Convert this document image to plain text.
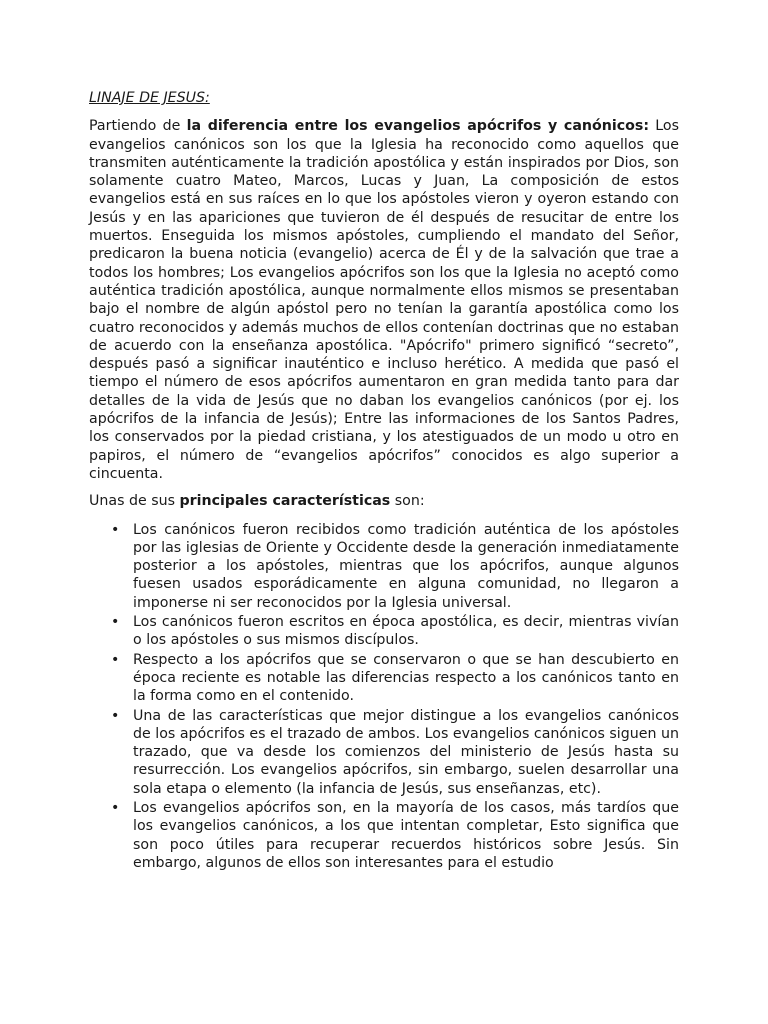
LINAJE DE JESUS:

Partiendo de la diferencia entre los evangelios apócrifos y canónicos: Los evangelios canónicos son los que la Iglesia ha reconocido como aquellos que transmiten auténticamente la tradición apostólica y están inspirados por Dios, son solamente cuatro Mateo, Marcos, Lucas y Juan, La composición de estos evangelios está en sus raíces en lo que los apóstoles vieron y oyeron estando con Jesús y en las apariciones que tuvieron de él después de resucitar de entre los muertos. Enseguida los mismos apóstoles, cumpliendo el mandato del Señor, predicaron la buena noticia (evangelio) acerca de Él y de la salvación que trae a todos los hombres; Los evangelios apócrifos son los que la Iglesia no aceptó como auténtica tradición apostólica, aunque normalmente ellos mismos se presentaban bajo el nombre de algún apóstol pero no tenían la garantía apostólica como los cuatro reconocidos y además muchos de ellos contenían doctrinas que no estaban de acuerdo con la enseñanza apostólica. "Apócrifo" primero significó “secreto”, después pasó a significar inauténtico e incluso herético. A medida que pasó el tiempo el número de esos apócrifos aumentaron en gran medida tanto para dar detalles de la vida de Jesús que no daban los evangelios canónicos (por ej. los apócrifos de la infancia de Jesús); Entre las informaciones de los Santos Padres, los conservados por la piedad cristiana, y los atestiguados de un modo u otro en papiros, el número de “evangelios apócrifos” conocidos es algo superior a cincuenta.

Unas de sus principales características son:

• Los canónicos fueron recibidos como tradición auténtica de los apóstoles por las iglesias de Oriente y Occidente desde la generación inmediatamente posterior a los apóstoles, mientras que los apócrifos, aunque algunos fuesen usados esporádicamente en alguna comunidad, no llegaron a imponerse ni ser reconocidos por la Iglesia universal.
• Los canónicos fueron escritos en época apostólica, es decir, mientras vivían o los apóstoles o sus mismos discípulos.
• Respecto a los apócrifos que se conservaron o que se han descubierto en época reciente es notable las diferencias respecto a los canónicos tanto en la forma como en el contenido.
• Una de las características que mejor distingue a los evangelios canónicos de los apócrifos es el trazado de ambos. Los evangelios canónicos siguen un trazado, que va desde los comienzos del ministerio de Jesús hasta su resurrección. Los evangelios apócrifos, sin embargo, suelen desarrollar una sola etapa o elemento (la infancia de Jesús, sus enseñanzas, etc).
• Los evangelios apócrifos son, en la mayoría de los casos, más tardíos que los evangelios canónicos, a los que intentan completar, Esto significa que son poco útiles para recuperar recuerdos históricos sobre Jesús. Sin embargo, algunos de ellos son interesantes para el estudio
